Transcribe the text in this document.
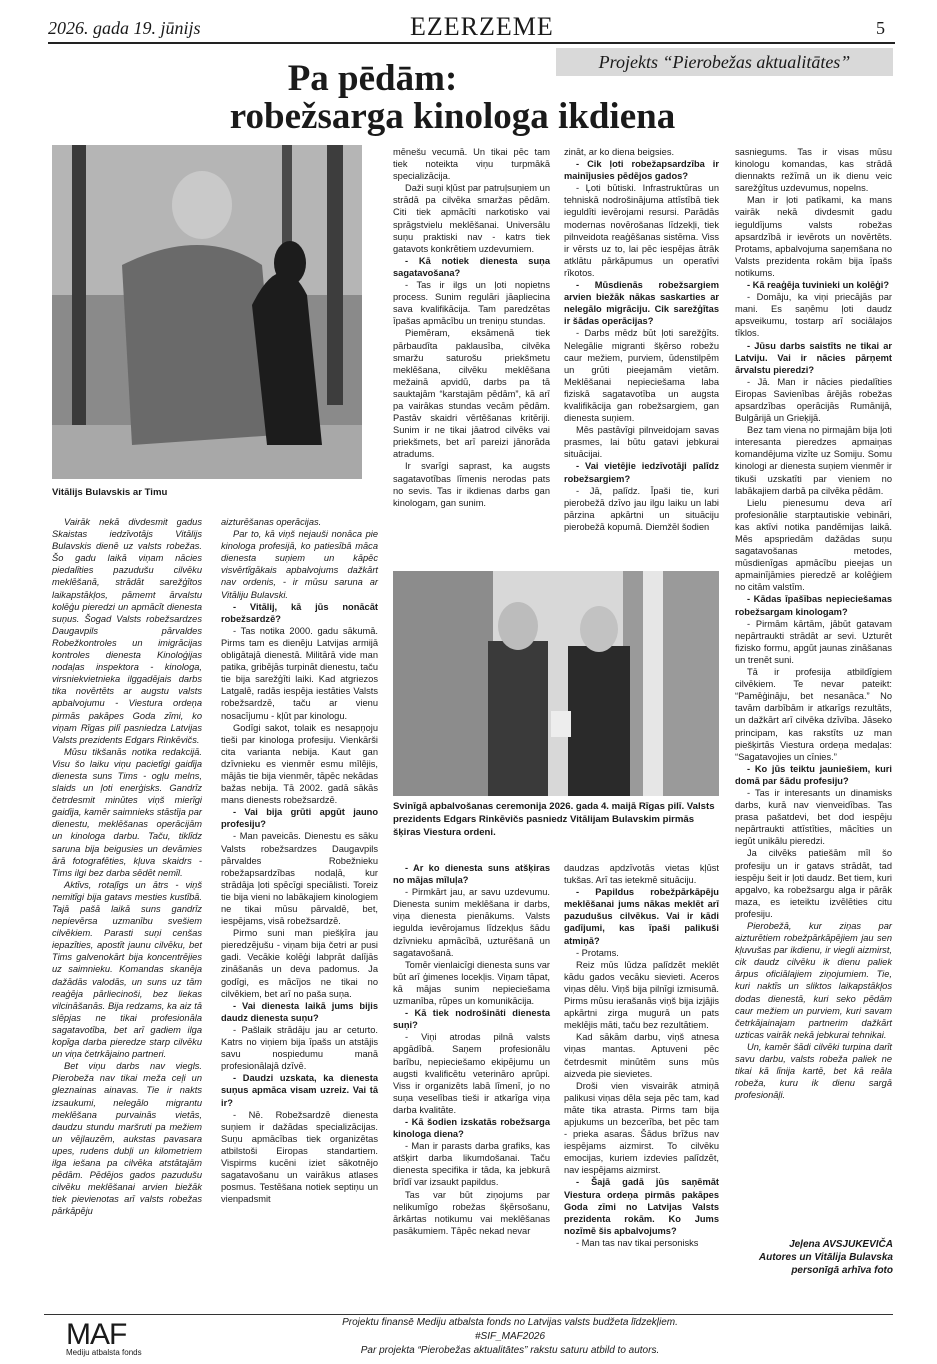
2026. gada 19. jūnijs	EZERZEME	5
Projekts “Pierobežas aktualitātes”
Pa pēdām:
robežsarga kinologa ikdiena
Vitālijs Bulavskis ar Timu
Svinīgā apbalvošanas ceremonija 2026. gada 4. maijā Rīgas pilī. Valsts prezidents Edgars Rinkēvičs pasniedz Vitālijam Bulavskim pirmās šķiras Viestura ordeni.

Vairāk nekā divdesmit gadus Skaistas iedzīvotājs Vitālijs Bulavskis dienē uz valsts robežas. Šo gadu laikā viņam nācies piedalīties pazudušu cilvēku meklēšanā, strādāt sarežģītos laikapstākļos, pāmemt ārvalstu kolēģu pieredzi un apmācīt dienesta suņus. Šogad Valsts robežsardzes Daugavpils pārvaldes Robežkontroles un imigrācijas kontroles dienesta Kinoloģijas nodaļas inspektora - kinologa, virsniekvietnieka ilggadējais darbs tika novērtēts ar augstu valsts apbalvojumu - Viestura ordeņa pirmās pakāpes Goda zīmi, ko viņam Rīgas pilī pasniedza Latvijas Valsts prezidents Edgars Rinkēvičs.

Mūsu tikšanās notika redakcijā. Visu šo laiku viņu pacietīgi gaidīja dienesta suns Tims - ogļu melns, slaids un ļoti enerģisks. Gandrīz četrdesmit minūtes viņš mierīgi gaidīja, kamēr saimnieks stāstīja par dienestu, meklēšanas operācijām un kinologa darbu. Taču, tiklīdz saruna bija beigusies un devāmies ārā fotografēties, kļuva skaidrs - Tims ilgi bez darba sēdēt nemīl.

Aktīvs, rotaļīgs un ātrs - viņš nemitīgi bija gatavs mesties kustībā. Tajā pašā laikā suns gandrīz nepievērsa uzmanību svešiem cilvēkiem. Parasti suņi cenšas iepazīties, apostīt jaunu cilvēku, bet Tims galvenokārt bija koncentrējies uz saimnieku. Komandas skanēja dažādās valodās, un suns uz tām reaģēja pārliecinoši, bez liekas vilcināšanās. Bija redzams, ka aiz tā slēpjas ne tikai profesionāla sagatavotība, bet arī gadiem ilga kopīga darba pieredze starp cilvēku un viņa četrkājaino partneri.

Bet viņu darbs nav viegls. Pierobeža nav tikai meža ceļi un gleznainas ainavas. Tie ir nakts izsaukumi, nelegālo migrantu meklēšana purvainās vietās, daudzu stundu maršruti pa mežiem un vējlauzēm, aukstas pavasara upes, rudens dubļi un kilometriem ilga iešana pa cilvēka atstātajām pēdām. Pēdējos gados pazudušu cilvēku meklēšanai arvien biežāk tiek pievienotas arī valsts robežas pārkāpēju

aizturēšanas operācijas.

Par to, kā viņš nejauši nonāca pie kinologa profesijā, ko patiesībā māca dienesta suņiem un kāpēc visvērtīgākais apbalvojums dažkārt nav ordenis, - ir mūsu saruna ar Vitāliju Bulavski.

- Vitālij, kā jūs nonācāt robežsardzē?

- Tas notika 2000. gadu sākumā. Pirms tam es dienēju Latvijas armijā obligātajā dienestā. Militārā vide man patika, gribējās turpināt dienestu, taču tie bija sarežģīti laiki. Kad atgriezos Latgalē, radās iespēja iestāties Valsts robežsardzē, taču ar vienu nosacījumu - kļūt par kinologu.

Godīgi sakot, tolaik es nesapņoju tieši par kinologa profesiju. Vienkārši cita varianta nebija. Kaut gan dzīvnieku es vienmēr esmu mīlējis, mājās tie bija vienmēr, tāpēc nekādas bažas nebija. Tā 2002. gadā sākās mans dienests robežsardzē.

- Vai bija grūti apgūt jauno profesiju?

- Man paveicās. Dienestu es sāku Valsts robežsardzes Daugavpils pārvaldes Robežnieku robežapsardzības nodaļā, kur strādāja ļoti spēcīgi speciālisti. Toreiz tie bija vieni no labākajiem kinologiem ne tikai mūsu pārvaldē, bet, iespējams, visā robežsardzē.

Pirmo suni man piešķīra jau pieredzējušu - viņam bija četri ar pusi gadi. Vecākie kolēģi labprāt dalījās zināšanās un deva padomus. Ja godīgi, es mācījos ne tikai no cilvēkiem, bet arī no paša suņa.

- Vai dienesta laikā jums bijis daudz dienesta suņu?

- Pašlaik strādāju jau ar ceturto. Katrs no viņiem bija īpašs un atstājis savu nospiedumu manā profesionālajā dzīvē.

- Daudzi uzskata, ka dienesta suņus apmāca visam uzreiz. Vai tā ir?

- Nē. Robežsardzē dienesta suņiem ir dažādas specializācijas. Suņu apmācības tiek organizētas atbilstoši Eiropas standartiem. Vispirms kucēni iziet sākotnējo sagatavošanu un vairākus atlases posmus. Testēšana notiek septiņu un vienpadsmit

mēnešu vecumā. Un tikai pēc tam tiek noteikta viņu turpmākā specializācija.

Daži suņi kļūst par patruļsuņiem un strādā pa cilvēka smaržas pēdām. Citi tiek apmācīti narkotisko vai sprāgstvielu meklēšanai. Universālu suņu praktiski nav - katrs tiek gatavots konkrētiem uzdevumiem.

- Kā notiek dienesta suņa sagatavošana?

- Tas ir ilgs un ļoti nopietns process. Sunim regulāri jāapliecina sava kvalifikācija. Tam paredzētas īpašas apmācību un treniņu stundas.

Piemēram, eksāmenā tiek pārbaudīta paklausība, cilvēka smaržu saturošu priekšmetu meklēšana, cilvēku meklēšana mežainā apvidū, darbs pa tā sauktajām “karstajām pēdām”, kā arī pa vairākas stundas vecām pēdām. Pastāv skaidri vērtēšanas kritēriji. Sunim ir ne tikai jāatrod cilvēks vai priekšmets, bet arī pareizi jānorāda atradums.

Ir svarīgi saprast, ka augsts sagatavotības līmenis nerodas pats no sevis. Tas ir ikdienas darbs gan kinologam, gan sunim.

zināt, ar ko diena beigsies.

- Cik ļoti robežapsardzība ir mainījusies pēdējos gados?

- Ļoti būtiski. Infrastruktūras un tehniskā nodrošinājuma attīstībā tiek ieguldīti ievērojami resursi. Parādās modernas novērošanas līdzekļi, tiek pilnveidota reaģēšanas sistēma. Viss ir vērsts uz to, lai pēc iespējas ātrāk atklātu pārkāpumus un operatīvi rīkotos.

- Mūsdienās robežsargiem arvien biežāk nākas saskarties ar nelegālo migrāciju. Cik sarežģītas ir šādas operācijas?

- Darbs mēdz būt ļoti sarežģīts. Nelegālie migranti šķērso robežu caur mežiem, purviem, ūdenstilpēm un grūti pieejamām vietām. Meklēšanai nepieciešama laba fiziskā sagatavotība un augsta kvalifikācija gan robežsargiem, gan dienesta suņiem.

Mēs pastāvīgi pilnveidojam savas prasmes, lai būtu gatavi jebkurai situācijai.

- Vai vietējie iedzīvotāji palīdz robežsargiem?

- Jā, palīdz. Īpaši tie, kuri pierobežā dzīvo jau ilgu laiku un labi pārzina apkārtni un situāciju pierobežā kopumā. Diemžēl šodien

- Ar ko dienesta suns atšķiras no mājas mīluļa?

- Pirmkārt jau, ar savu uzdevumu. Dienesta sunim meklēšana ir darbs, viņa dienesta pienākums. Valsts iegulda ievērojamus līdzekļus šādu dzīvnieku apmācībā, uzturēšanā un sagatavošanā.

Tomēr vienlaicīgi dienesta suns var būt arī ģimenes locekļis. Viņam tāpat, kā mājas sunim nepieciešama uzmanība, rūpes un komunikācija.

- Kā tiek nodrošināti dienesta suņi?

- Viņi atrodas pilnā valsts apgādībā. Saņem profesionālu barību, nepieciešamo ekipējumu un augsti kvalificētu veterināro aprūpi. Viss ir organizēts labā līmenī, jo no suņa veselības tieši ir atkarīga viņa darba kvalitāte.

- Kā šodien izskatās robežsarga kinologa diena?

- Man ir parasts darba grafiks, kas atšķirt darba likumdošanai. Taču dienesta specifika ir tāda, ka jebkurā brīdī var izsaukt papildus.

Tas var būt ziņojums par nelikumīgo robežas šķērsošanu, ārkārtas notikumu vai meklēšanas pasākumiem. Tāpēc nekad nevar

daudzas apdzīvotās vietas kļūst tukšas. Arī tas ietekmē situāciju.

- Papildus robežpārkāpēju meklēšanai jums nākas meklēt arī pazudušus cilvēkus. Vai ir kādi gadījumi, kas īpaši palikuši atmiņā?

- Protams.

Reiz mūs lūdza palīdzēt meklēt kādu gados vecāku sievieti. Aceros viņas dēlu. Viņš bija pilnīgi izmisumā. Pirms mūsu ierašanās viņš bija izjājis apkārtni zirga mugurā un pats meklējis māti, taču bez rezultātiem.

Kad sākām darbu, viņš atnesa viņas mantas. Aptuveni pēc četrdesmit minūtēm suns mūs aizveda pie sievietes.

Droši vien visvairāk atmiņā palikusi viņas dēla seja pēc tam, kad māte tika atrasta. Pirms tam bija apjukums un bezcerība, bet pēc tam - prieka asaras. Šādus brīžus nav iespējams aizmirst. To cilvēku emocijas, kuriem izdevies palīdzēt, nav iespējams aizmirst.

- Šajā gadā jūs saņēmāt Viestura ordeņa pirmās pakāpes Goda zīmi no Latvijas Valsts prezidenta rokām. Ko Jums nozīmē šis apbalvojums?

- Man tas nav tikai personisks

sasniegums. Tas ir visas mūsu kinologu komandas, kas strādā diennakts režīmā un ik dienu veic sarežģītus uzdevumus, nopelns.

Man ir ļoti patīkami, ka mans vairāk nekā divdesmit gadu ieguldījums valsts robežas apsardzībā ir ievērots un novērtēts. Protams, apbalvojuma saņemšana no Valsts prezidenta rokām bija īpašs notikums.

- Kā reaģēja tuvinieki un kolēģi?

- Domāju, ka viņi priecājās par mani. Es saņēmu ļoti daudz apsveikumu, tostarp arī sociālajos tīklos.

- Jūsu darbs saistīts ne tikai ar Latviju. Vai ir nācies pārņemt ārvalstu pieredzi?

- Jā. Man ir nācies piedalīties Eiropas Savienības ārējās robežas apsardzības operācijās Rumānijā, Bulgārijā un Grieķijā.

Bez tam viena no pirmajām bija ļoti interesanta pieredzes apmaiņas komandējuma vizīte uz Somiju. Somu kinologi ar dienesta suņiem vienmēr ir tikuši uzskatīti par vieniem no labākajiem darbā pa cilvēka pēdām.

Lielu pienesumu deva arī profesionālie starptautiskie vebināri, kas aktīvi notika pandēmijas laikā. Mēs apspriedām dažādas suņu sagatavošanas metodes, mūsdienīgas apmācību pieejas un apmainījāmies pieredzē ar kolēģiem no citām valstīm.

- Kādas īpašības nepieciešamas robežsargam kinologam?

- Pirmām kārtām, jābūt gatavam nepārtraukti strādāt ar sevi. Uzturēt fizisko formu, apgūt jaunas zināšanas un trenēt suni.

Tā ir profesija atbildīgiem cilvēkiem. Te nevar pateikt: “Pamēģināju, bet nesanāca.” No tavām darbībām ir atkarīgs rezultāts, un dažkārt arī cilvēka dzīvība. Jāseko principam, kas rakstīts uz man piešķirtās Viestura ordeņa medaļas: “Sagatavojies un cīnies.”

- Ko jūs teiktu jauniešiem, kuri domā par šādu profesiju?

- Tas ir interesants un dinamisks darbs, kurā nav vienveidības. Tas prasa pašatdevi, bet dod iespēju nepārtraukti attīstīties, mācīties un iegūt unikālu pieredzi.

Ja cilvēks patiešām mīl šo profesiju un ir gatavs strādāt, tad iespēju šeit ir ļoti daudz. Bet tiem, kuri apgalvo, ka robežsargu alga ir pārāk maza, es ieteiktu izvēlēties citu profesiju.

Pierobežā, kur ziņas par aizturētiem robežpārkāpējiem jau sen kļuvušas par ikdienu, ir viegli aizmirst, cik daudz cilvēku ik dienu paliek ārpus oficiālajiem ziņojumiem. Tie, kuri naktīs un sliktos laikapstākļos dodas dienestā, kuri seko pēdām caur mežiem un purviem, kuri savam četrkājainajam partnerim dažkārt uzticas vairāk nekā jebkurai tehnikai.

Un, kamēr šādi cilvēki turpina darīt savu darbu, valsts robeža paliek ne tikai kā līnija kartē, bet kā reāla robeža, kuru ik dienu sargā profesionāļi.

Jeļena AVSJUKEVIČA
Autores un Vitālija Bulavska personīgā arhīva foto
MAF
Mediju atbalsta fonds
Projektu finansē Mediju atbalsta fonds no Latvijas valsts budžeta līdzekļiem.
#SIF_MAF2026
Par projekta “Pierobežas aktualitātes” rakstu saturu atbild to autors.
